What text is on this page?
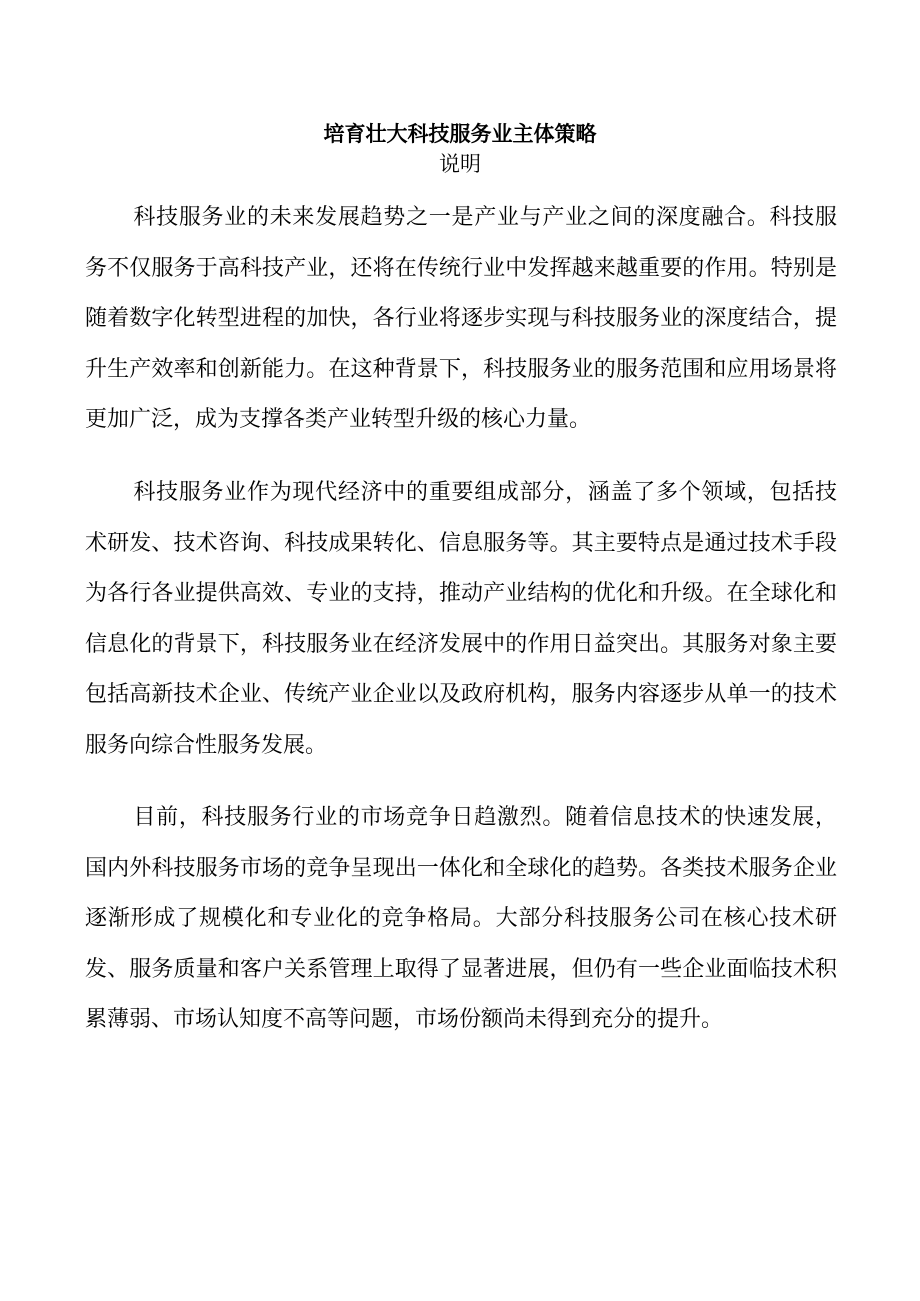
培育壮大科技服务业主体策略
说明

科技服务业的未来发展趋势之一是产业与产业之间的深度融合。科技服务不仅服务于高科技产业，还将在传统行业中发挥越来越重要的作用。特别是随着数字化转型进程的加快，各行业将逐步实现与科技服务业的深度结合，提升生产效率和创新能力。在这种背景下，科技服务业的服务范围和应用场景将更加广泛，成为支撑各类产业转型升级的核心力量。

科技服务业作为现代经济中的重要组成部分，涵盖了多个领域，包括技术研发、技术咨询、科技成果转化、信息服务等。其主要特点是通过技术手段为各行各业提供高效、专业的支持，推动产业结构的优化和升级。在全球化和信息化的背景下，科技服务业在经济发展中的作用日益突出。其服务对象主要包括高新技术企业、传统产业企业以及政府机构，服务内容逐步从单一的技术服务向综合性服务发展。

目前，科技服务行业的市场竞争日趋激烈。随着信息技术的快速发展，国内外科技服务市场的竞争呈现出一体化和全球化的趋势。各类技术服务企业逐渐形成了规模化和专业化的竞争格局。大部分科技服务公司在核心技术研发、服务质量和客户关系管理上取得了显著进展，但仍有一些企业面临技术积累薄弱、市场认知度不高等问题，市场份额尚未得到充分的提升。
